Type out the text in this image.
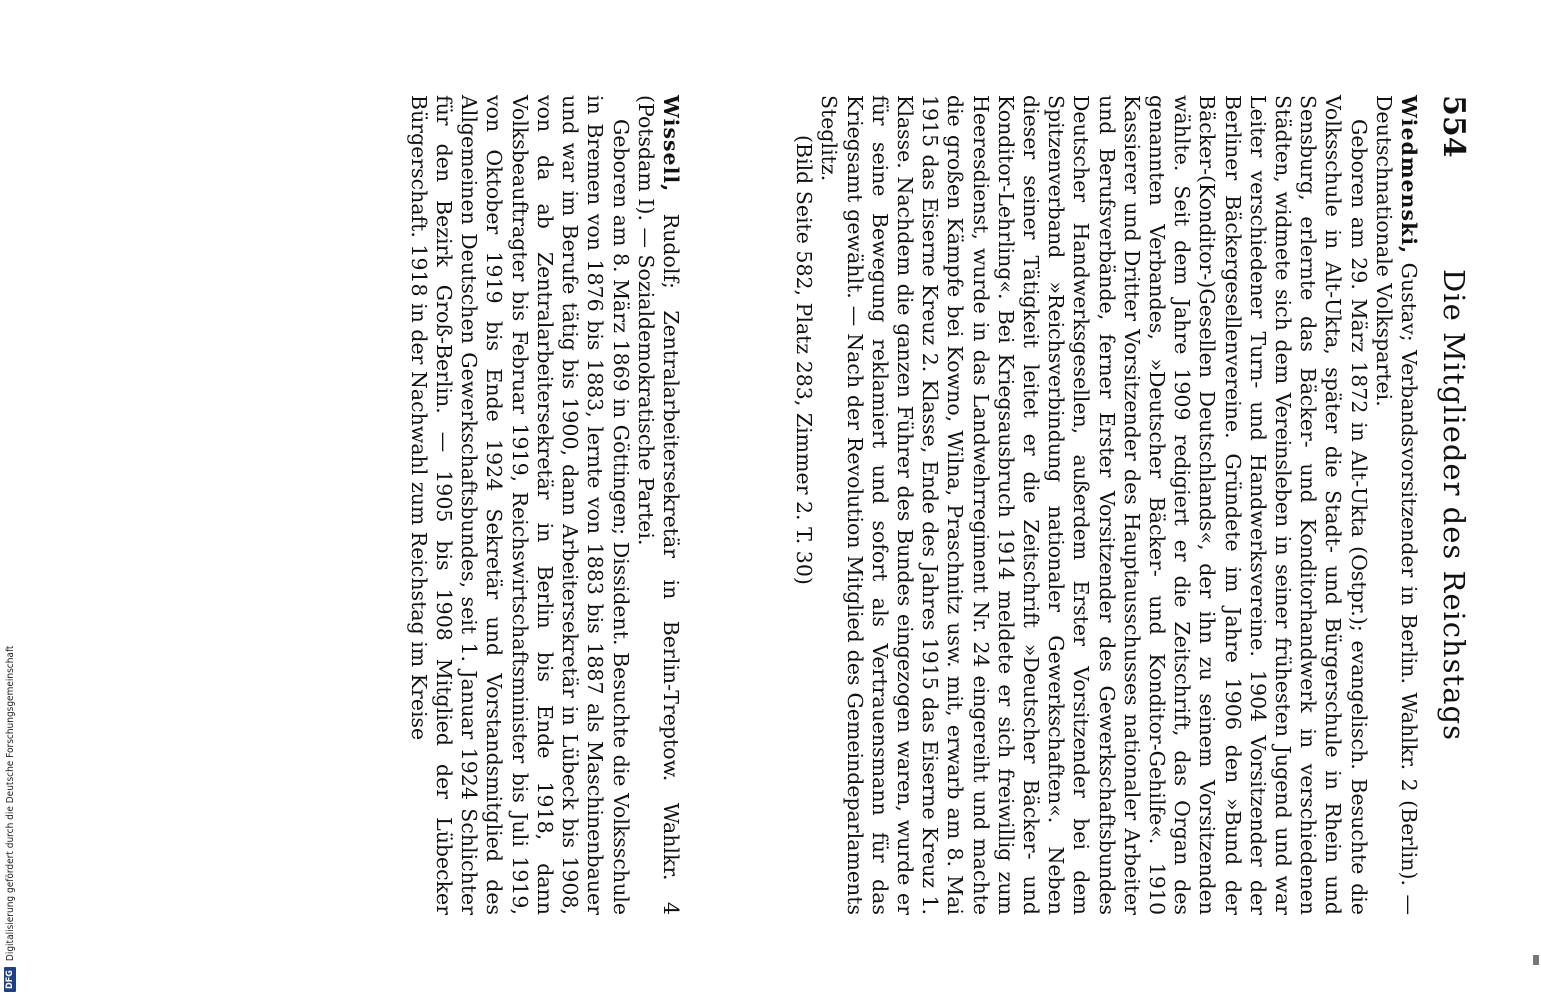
554
Die Mitglieder des Reichstags

Wiedmenski, Gustav; Verbandsvorsitzender in Berlin. Wahlkr. 2 (Berlin). — Deutschnationale Volkspartei.

Geboren am 29. März 1872 in Alt-Ukta (Ostpr.); evangelisch. Besuchte die Volksschule in Alt-Ukta, später die Stadt- und Bürgerschule in Rhein und Sensburg, erlernte das Bäcker- und Konditorhandwerk in verschiedenen Städten, widmete sich dem Vereinsleben in seiner frühesten Jugend und war Leiter verschiedener Turn- und Handwerksvereine. 1904 Vorsitzender der Berliner Bäckergesellenvereine. Gründete im Jahre 1906 den »Bund der Bäcker-(Konditor-)Gesellen Deutschlands«, der ihn zu seinem Vorsitzenden wählte. Seit dem Jahre 1909 redigiert er die Zeitschrift, das Organ des genannten Verbandes, »Deutscher Bäcker- und Konditor-Gehilfe«. 1910 Kassierer und Dritter Vorsitzender des Hauptausschusses nationaler Arbeiter und Berufsverbände, ferner Erster Vorsitzender des Gewerkschaftsbundes Deutscher Handwerksgesellen, außerdem Erster Vorsitzender bei dem Spitzenverband »Reichsverbindung nationaler Gewerkschaften«. Neben dieser seiner Tätigkeit leitet er die Zeitschrift »Deutscher Bäcker- und Konditor-Lehrling«. Bei Kriegsausbruch 1914 meldete er sich freiwillig zum Heeresdienst, wurde in das Landwehrregiment Nr. 24 eingereiht und machte die großen Kämpfe bei Kowno, Wilna, Praschnitz usw. mit, erwarb am 8. Mai 1915 das Eiserne Kreuz 2. Klasse, Ende des Jahres 1915 das Eiserne Kreuz 1. Klasse. Nachdem die ganzen Führer des Bundes eingezogen waren, wurde er für seine Bewegung reklamiert und sofort als Vertrauensmann für das Kriegsamt gewählt. — Nach der Revolution Mitglied des Gemeindeparlaments Steglitz.

(Bild Seite 582, Platz 283, Zimmer 2. T. 30)

Wissell, Rudolf; Zentralarbeitersekretär in Berlin-Treptow. Wahlkr. 4 (Potsdam I). — Sozialdemokratische Partei.

Geboren am 8. März 1869 in Göttingen; Dissident. Besuchte die Volksschule in Bremen von 1876 bis 1883, lernte von 1883 bis 1887 als Maschinenbauer und war im Berufe tätig bis 1900, dann Arbeitersekretär in Lübeck bis 1908, von da ab Zentralarbeitersekretär in Berlin bis Ende 1918, dann Volksbeauftragter bis Februar 1919, Reichswirtschaftsminister bis Juli 1919, von Oktober 1919 bis Ende 1924 Sekretär und Vorstandsmitglied des Allgemeinen Deutschen Gewerkschaftsbundes, seit 1. Januar 1924 Schlichter für den Bezirk Groß-Berlin. — 1905 bis 1908 Mitglied der Lübecker Bürgerschaft. 1918 in der Nachwahl zum Reichstag im Kreise

DFG
Digitalisierung gefördert durch die Deutsche Forschungsgemeinschaft
